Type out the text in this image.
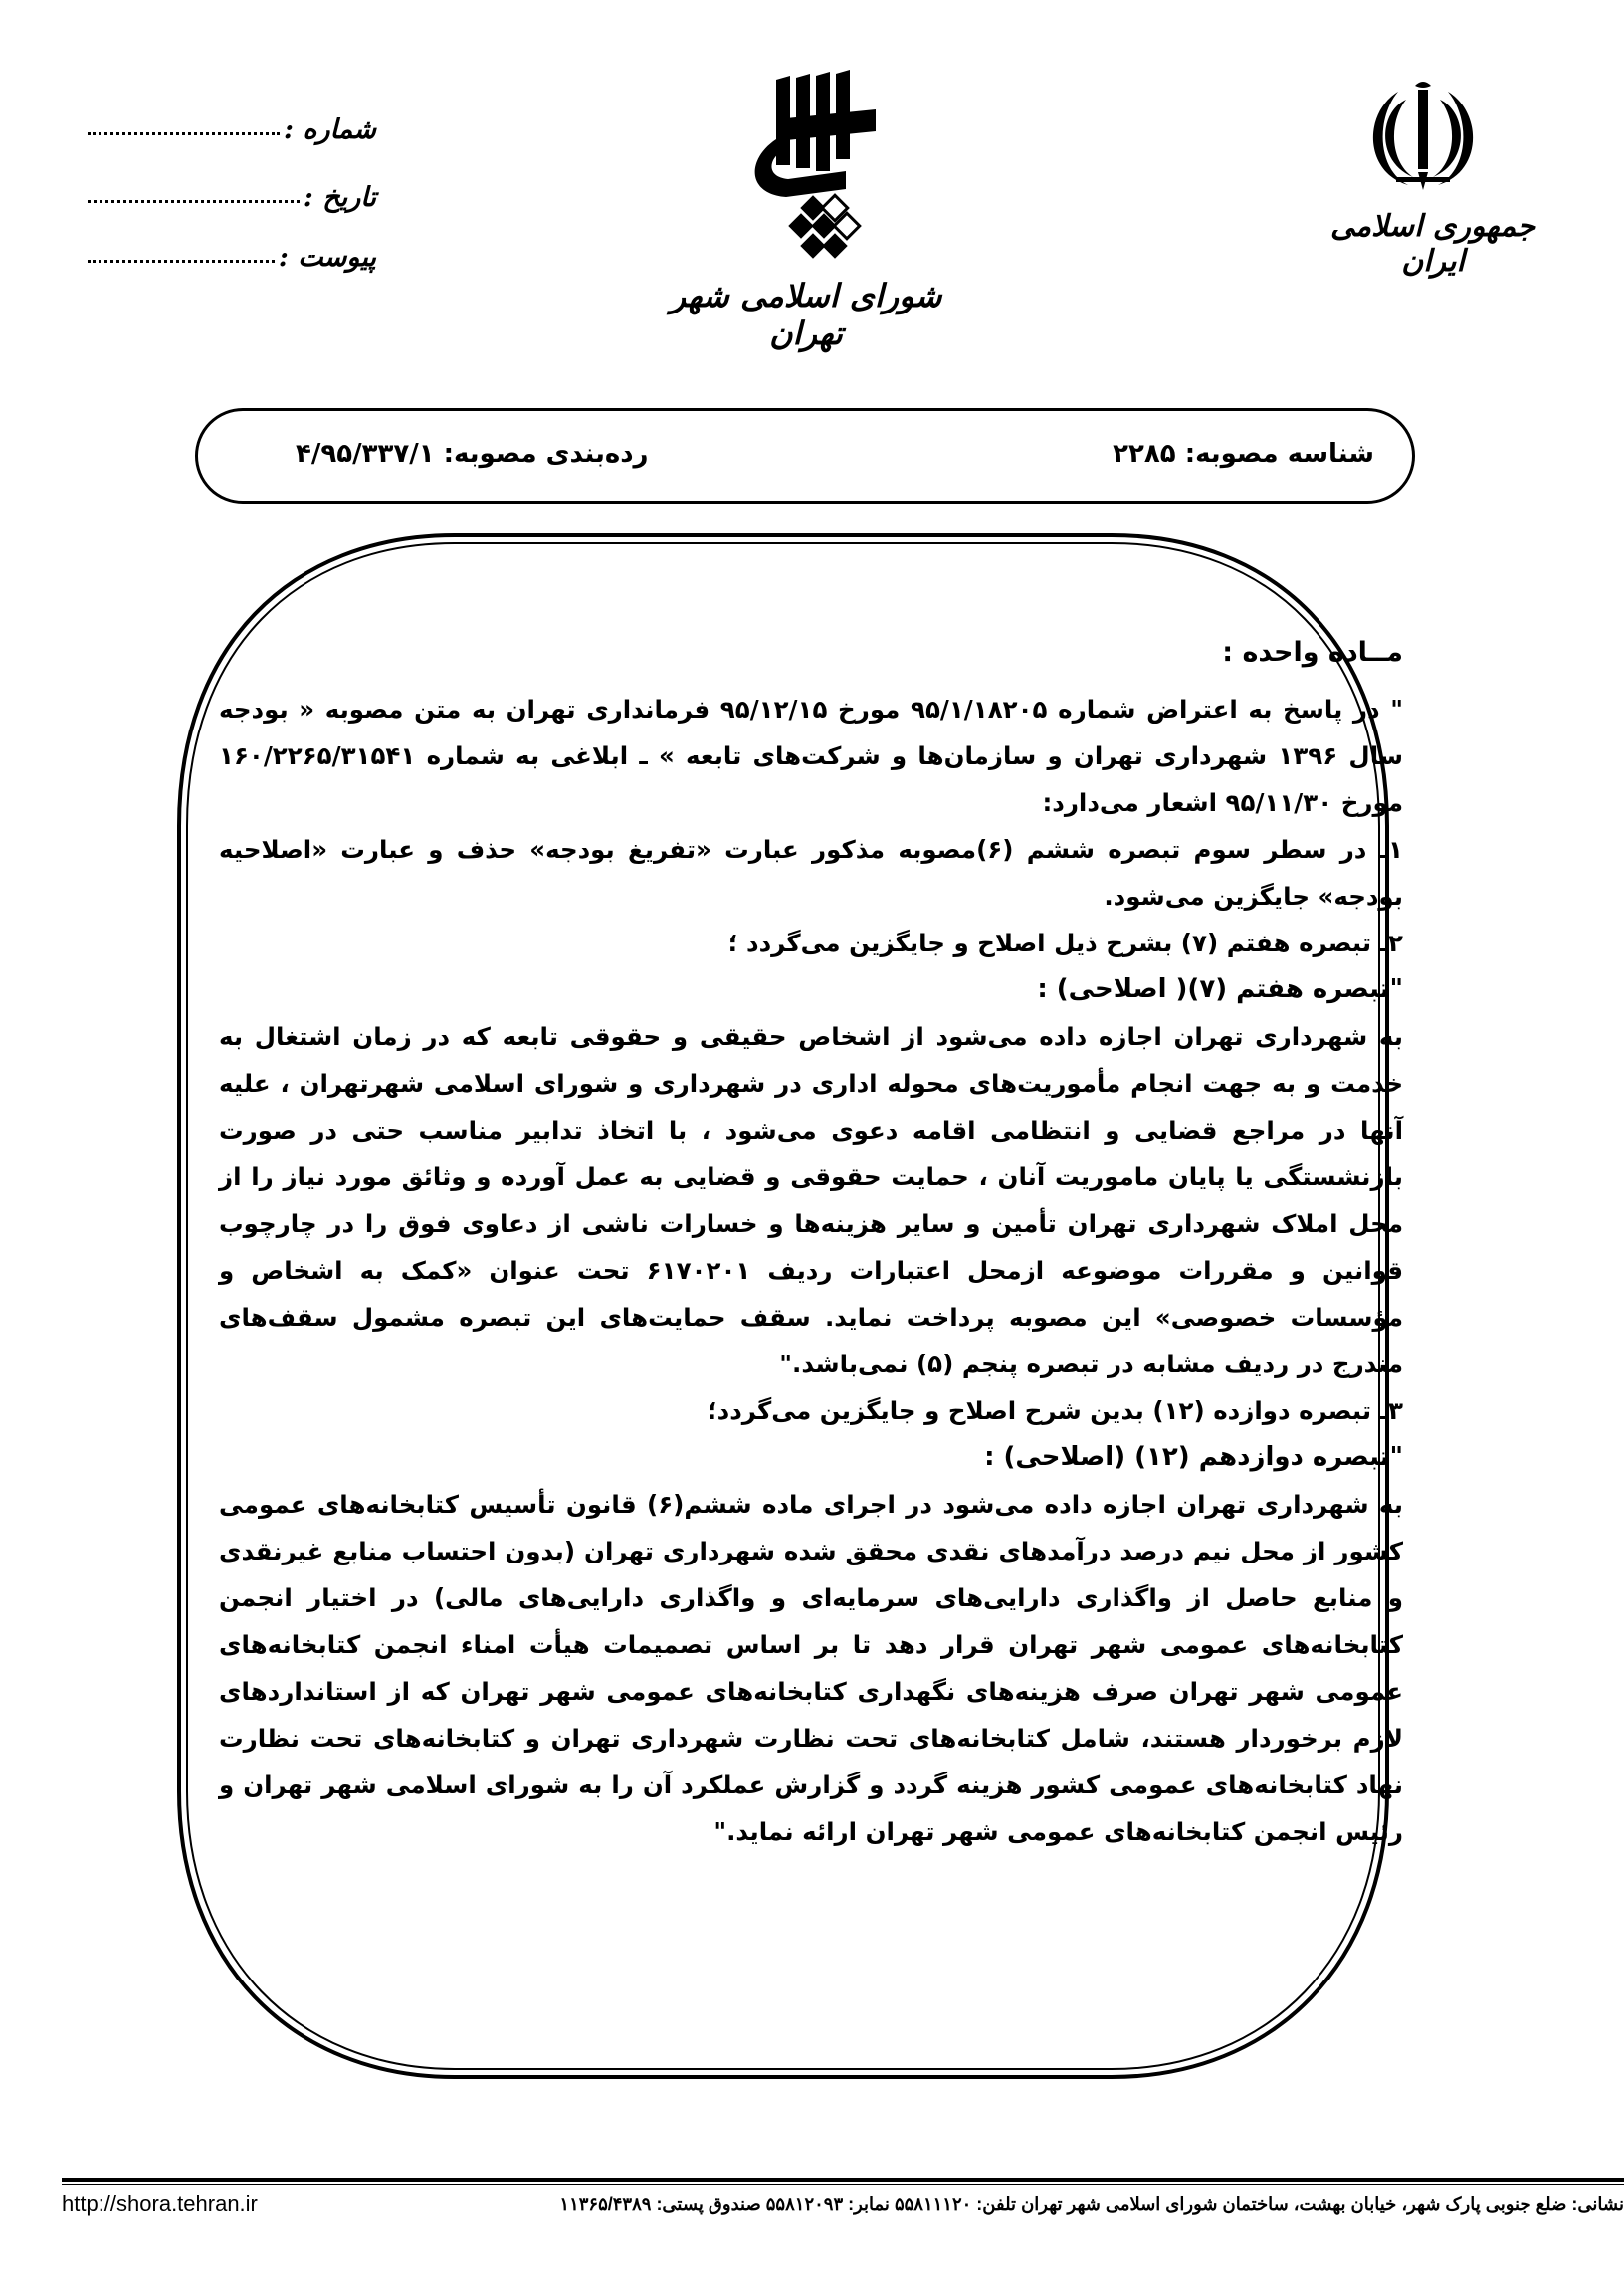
جمهوری اسلامی ایران
شورای اسلامی شهر تهران
شماره :
تاریخ :
پیوست :
شناسه مصوبه: ۲۲۸۵
رده‌بندی مصوبه: ۴/۹۵/۳۳۷/۱

مــاده واحده :

" در پاسخ به اعتراض شماره ۹۵/۱/۱۸۲۰۵ مورخ ۹۵/۱۲/۱۵ فرمانداری تهران به متن مصوبه « بودجه سال ۱۳۹۶ شهرداری تهران و سازمان‌ها و شرکت‌های تابعه » ـ ابلاغی به شماره ۱۶۰/۲۲۶۵/۳۱۵۴۱ مورخ ۹۵/۱۱/۳۰ اشعار می‌دارد:

۱ـ در سطر سوم تبصره ششم (۶)مصوبه مذکور عبارت «تفریغ بودجه» حذف و عبارت «اصلاحیه بودجه» جایگزین می‌شود.

۲ـ تبصره هفتم (۷) بشرح ذیل اصلاح و جایگزین می‌گردد ؛

"تبصره هفتم (۷)( اصلاحی) :

به شهرداری تهران اجازه داده می‌شود از اشخاص حقیقی و حقوقی تابعه که در زمان اشتغال به خدمت و به جهت انجام مأموریت‌های محوله اداری در شهرداری و شورای اسلامی شهرتهران ، علیه آنها در مراجع قضایی و انتظامی اقامه دعوی می‌شود ، با اتخاذ تدابیر مناسب حتی در صورت بازنشستگی یا پایان ماموریت آنان ، حمایت حقوقی و قضایی به عمل آورده و وثائق مورد نیاز را از محل املاک شهرداری تهران تأمین و سایر هزینه‌ها و خسارات ناشی از دعاوی فوق را در چارچوب قوانین و مقررات موضوعه ازمحل اعتبارات ردیف ۶۱۷۰۲۰۱ تحت عنوان «کمک به اشخاص و مؤسسات خصوصی» این مصوبه پرداخت نماید. سقف حمایت‌های این تبصره مشمول سقف‌های مندرج در ردیف مشابه در تبصره پنجم (۵) نمی‌باشد."

۳ـ تبصره دوازده (۱۲) بدین شرح اصلاح و جایگزین می‌گردد؛

"تبصره دوازدهم (۱۲) (اصلاحی) :

به شهرداری تهران اجازه داده می‌شود در اجرای ماده ششم(۶) قانون تأسیس کتابخانه‌های عمومی کشور از محل نیم درصد درآمدهای نقدی محقق شده شهرداری تهران (بدون احتساب منابع غیرنقدی و منابع حاصل از واگذاری دارایی‌های سرمایه‌ای و واگذاری دارایی‌های مالی) در اختیار انجمن کتابخانه‌های عمومی شهر تهران قرار دهد تا بر اساس تصمیمات هیأت امناء انجمن کتابخانه‌های عمومی شهر تهران صرف هزینه‌های نگهداری کتابخانه‌های عمومی شهر تهران که از استانداردهای لازم برخوردار هستند، شامل کتابخانه‌های تحت نظارت شهرداری تهران و کتابخانه‌های تحت نظارت نهاد کتابخانه‌های عمومی کشور هزینه گردد و گزارش عملکرد آن را به شورای اسلامی شهر تهران و رئیس انجمن کتابخانه‌های عمومی شهر تهران ارائه نماید."

http://shora.tehran.ir	نشانی: ضلع جنوبی پارک شهر، خیابان بهشت، ساختمان شورای اسلامی شهر تهران تلفن: ۵۵۸۱۱۱۲۰ نمابر: ۵۵۸۱۲۰۹۳ صندوق پستی: ۱۱۳۶۵/۴۳۸۹
